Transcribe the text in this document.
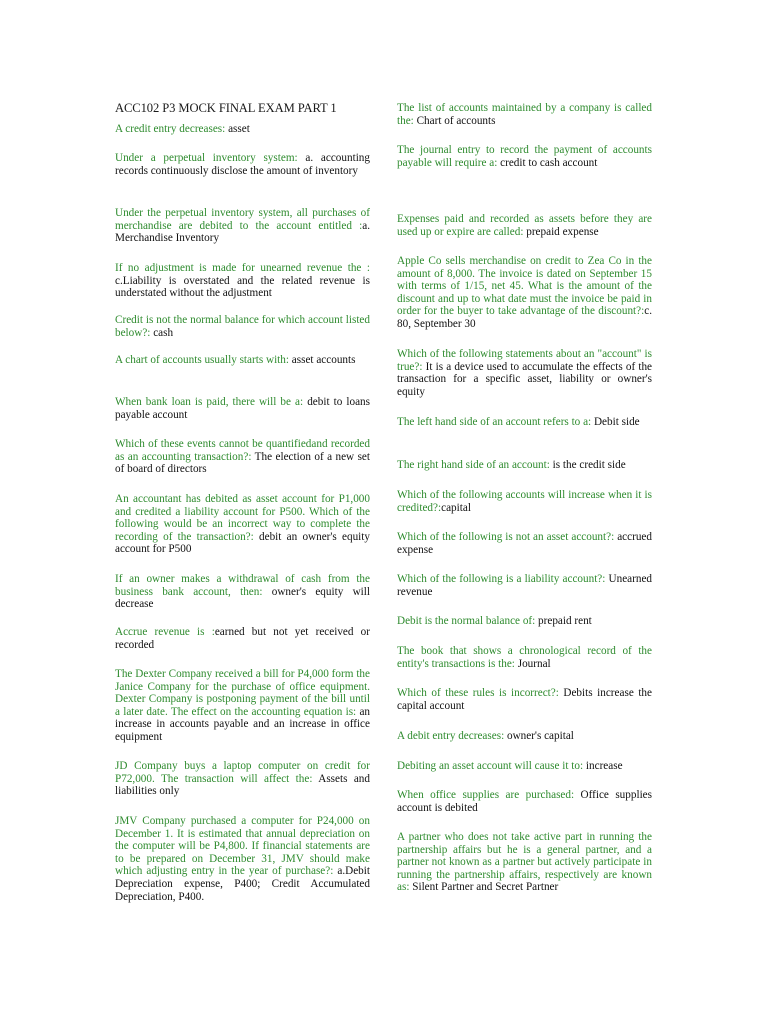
ACC102 P3 MOCK FINAL EXAM PART 1
A credit entry decreases: asset
Under a perpetual inventory system: a. accounting records continuously disclose the amount of inventory
Under the perpetual inventory system, all purchases of merchandise are debited to the account entitled :a. Merchandise Inventory
If no adjustment is made for unearned revenue the : c.Liability is overstated and the related revenue is understated without the adjustment
Credit is not the normal balance for which account listed below?: cash
A chart of accounts usually starts with: asset accounts
When bank loan is paid, there will be a: debit to loans payable account
Which of these events cannot be quantifiedand recorded as an accounting transaction?: The election of a new set of board of directors
An accountant has debited as asset account for P1,000 and credited a liability account for P500. Which of the following would be an incorrect way to complete the recording of the transaction?: debit an owner's equity account for P500
If an owner makes a withdrawal of cash from the business bank account, then: owner's equity will decrease
Accrue revenue is :earned but not yet received or recorded
The Dexter Company received a bill for P4,000 form the Janice Company for the purchase of office equipment. Dexter Company is postponing payment of the bill until a later date. The effect on the accounting equation is: an increase in accounts payable and an increase in office equipment
JD Company buys a laptop computer on credit for P72,000. The transaction will affect the: Assets and liabilities only
JMV Company purchased a computer for P24,000 on December 1. It is estimated that annual depreciation on the computer will be P4,800. If financial statements are to be prepared on December 31, JMV should make which adjusting entry in the year of purchase?: a.Debit Depreciation expense, P400; Credit Accumulated Depreciation, P400.
The list of accounts maintained by a company is called the: Chart of accounts
The journal entry to record the payment of accounts payable will require a: credit to cash account
Expenses paid and recorded as assets before they are used up or expire are called: prepaid expense
Apple Co sells merchandise on credit to Zea Co in the amount of 8,000. The invoice is dated on September 15 with terms of 1/15, net 45. What is the amount of the discount and up to what date must the invoice be paid in order for the buyer to take advantage of the discount?:c. 80, September 30
Which of the following statements about an "account" is true?: It is a device used to accumulate the effects of the transaction for a specific asset, liability or owner's equity
The left hand side of an account refers to a: Debit side
The right hand side of an account: is the credit side
Which of the following accounts will increase when it is credited?:capital
Which of the following is not an asset account?: accrued expense
Which of the following is a liability account?: Unearned revenue
Debit is the normal balance of: prepaid rent
The book that shows a chronological record of the entity's transactions is the: Journal
Which of these rules is incorrect?: Debits increase the capital account
A debit entry decreases: owner's capital
Debiting an asset account will cause it to: increase
When office supplies are purchased: Office supplies account is debited
A partner who does not take active part in running the partnership affairs but he is a general partner, and a partner not known as a partner but actively participate in running the partnership affairs, respectively are known as: Silent Partner and Secret Partner
